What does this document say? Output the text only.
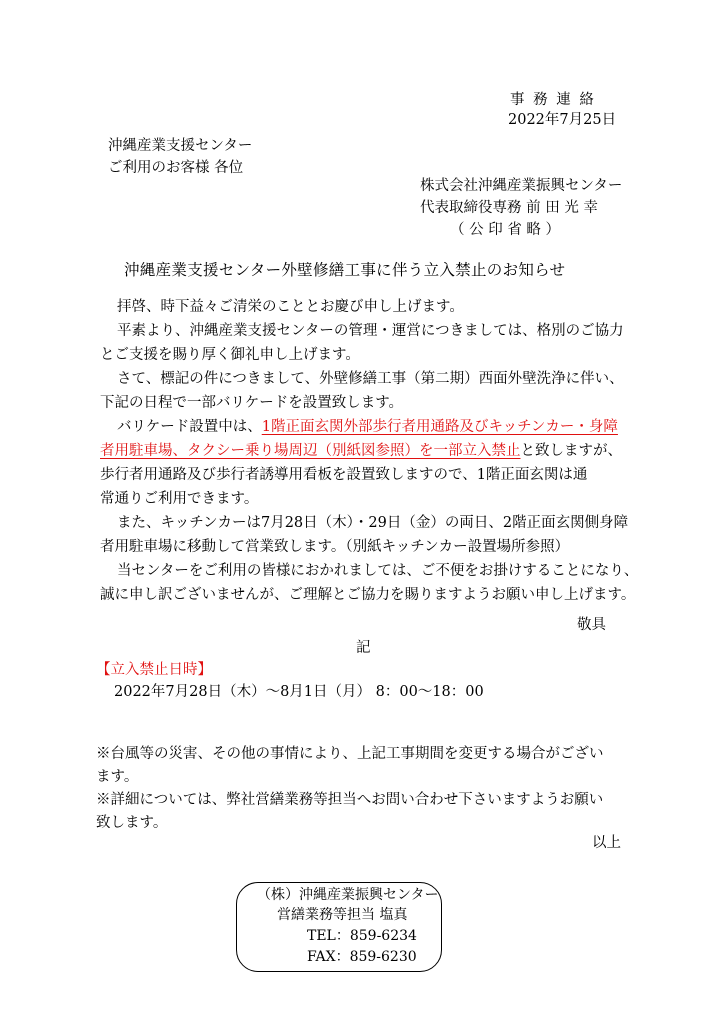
事 務 連 絡
2022年7月25日
沖縄産業支援センター
ご利用のお客様 各位
株式会社沖縄産業振興センター
代表取締役専務 前 田 光 幸
（ 公 印 省 略 ）
沖縄産業支援センター外壁修繕工事に伴う立入禁止のお知らせ
拝啓、時下益々ご清栄のこととお慶び申し上げます。
平素より、沖縄産業支援センターの管理・運営につきましては、格別のご協力
とご支援を賜り厚く御礼申し上げます。
さて、標記の件につきまして、外壁修繕工事（第二期）西面外壁洗浄に伴い、
下記の日程で一部バリケードを設置致します。
バリケード設置中は、1階正面玄関外部歩行者用通路及びキッチンカー・身障
者用駐車場、タクシー乗り場周辺（別紙図参照）を一部立入禁止と致しますが、
歩行者用通路及び歩行者誘導用看板を設置致しますので、1階正面玄関は通
常通りご利用できます。
また、キッチンカーは7月28日（木）・29日（金）の両日、2階正面玄関側身障
者用駐車場に移動して営業致します。（別紙キッチンカー設置場所参照）
当センターをご利用の皆様におかれましては、ご不便をお掛けすることになり、
誠に申し訳ございませんが、ご理解とご協力を賜りますようお願い申し上げます。
敬具
記
【立入禁止日時】
2022年7月28日（木）～8月1日（月） 8：00～18：00
※台風等の災害、その他の事情により、上記工事期間を変更する場合がござい
ます。
※詳細については、弊社営繕業務等担当へお問い合わせ下さいますようお願い
致します。
以上
（株）沖縄産業振興センター
営繕業務等担当 塩真
TEL：859-6234
FAX：859-6230
